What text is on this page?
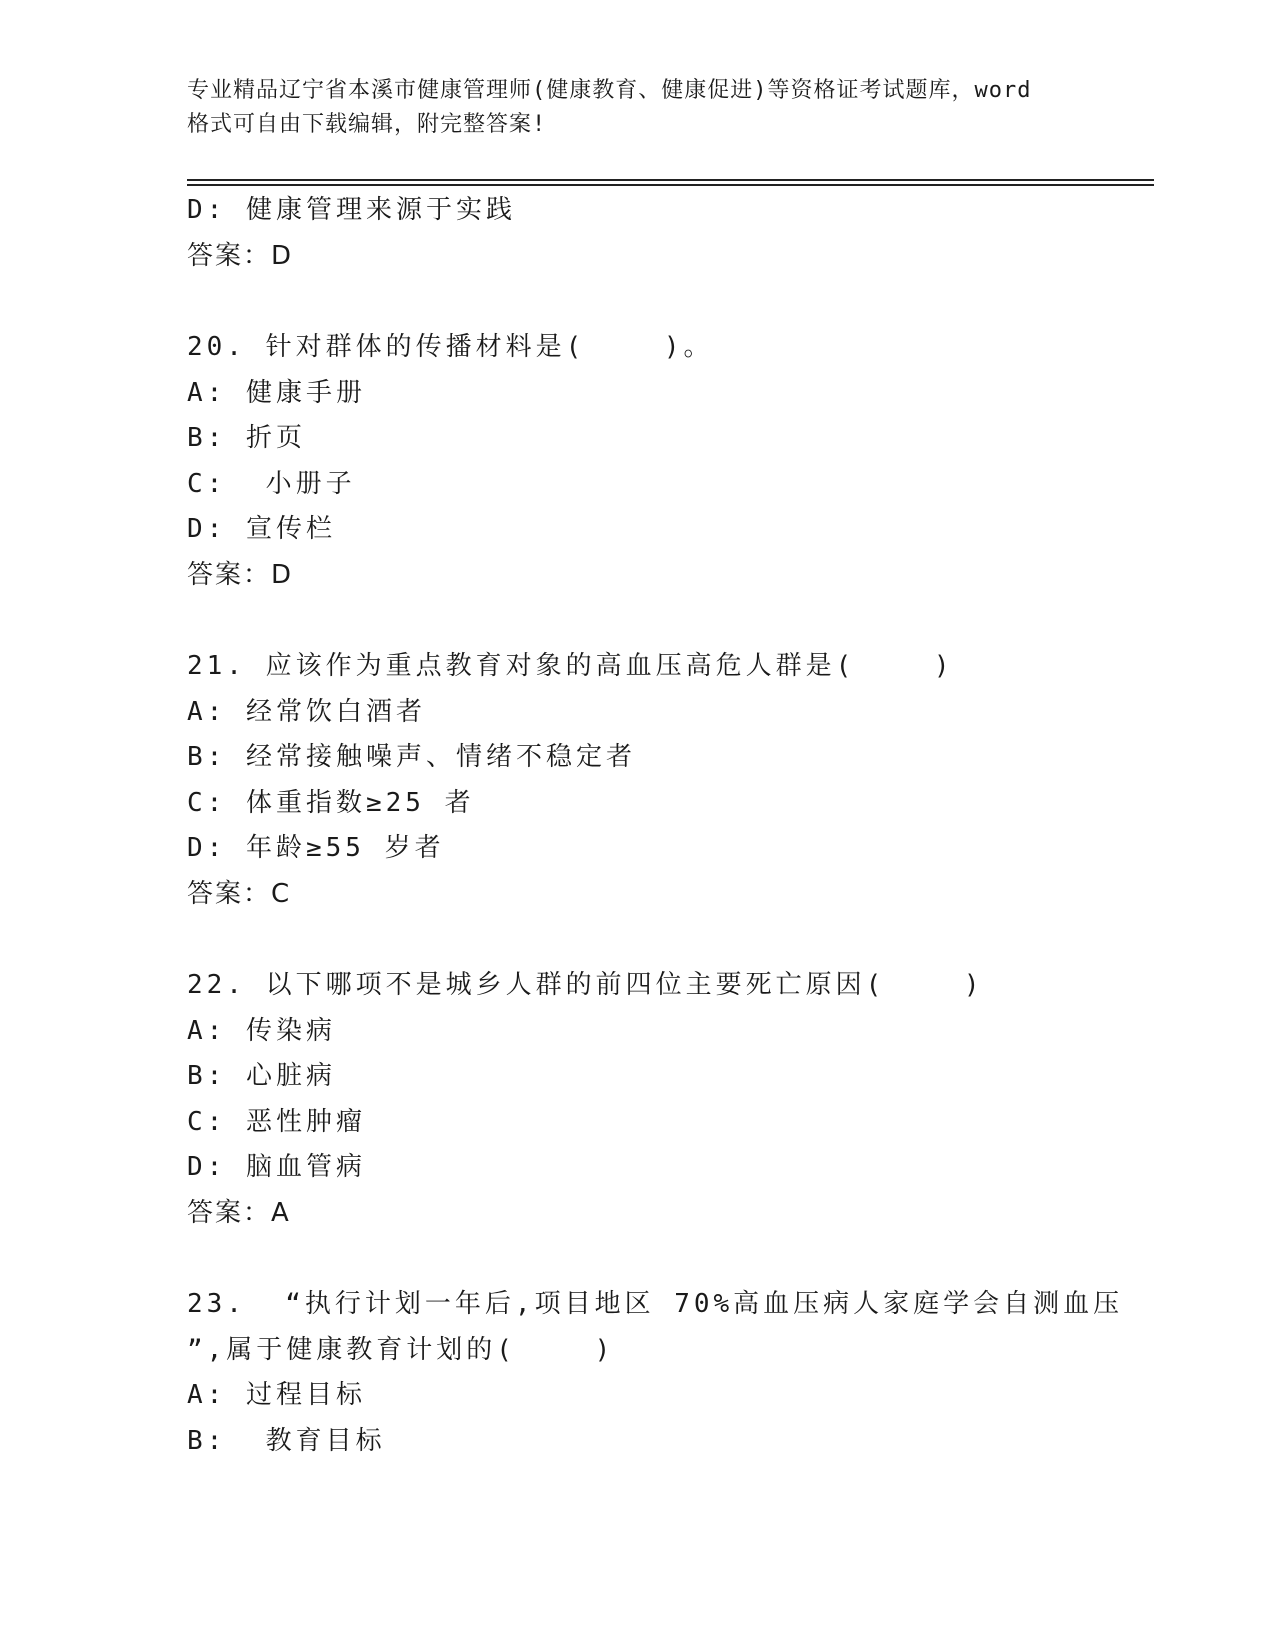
专业精品辽宁省本溪市健康管理师(健康教育、健康促进)等资格证考试题库，word
格式可自由下载编辑，附完整答案!
D: 健康管理来源于实践
答案：D
20. 针对群体的传播材料是(    )。
A: 健康手册
B: 折页
C:  小册子
D: 宣传栏
答案：D
21. 应该作为重点教育对象的高血压高危人群是(    )
A: 经常饮白酒者
B: 经常接触噪声、情绪不稳定者
C: 体重指数≥25 者
D: 年龄≥55 岁者
答案：C
22. 以下哪项不是城乡人群的前四位主要死亡原因(    )
A: 传染病
B: 心脏病
C: 恶性肿瘤
D: 脑血管病
答案：A
23.  “执行计划一年后,项目地区 70%高血压病人家庭学会自测血压
”,属于健康教育计划的(    )
A: 过程目标
B:  教育目标
